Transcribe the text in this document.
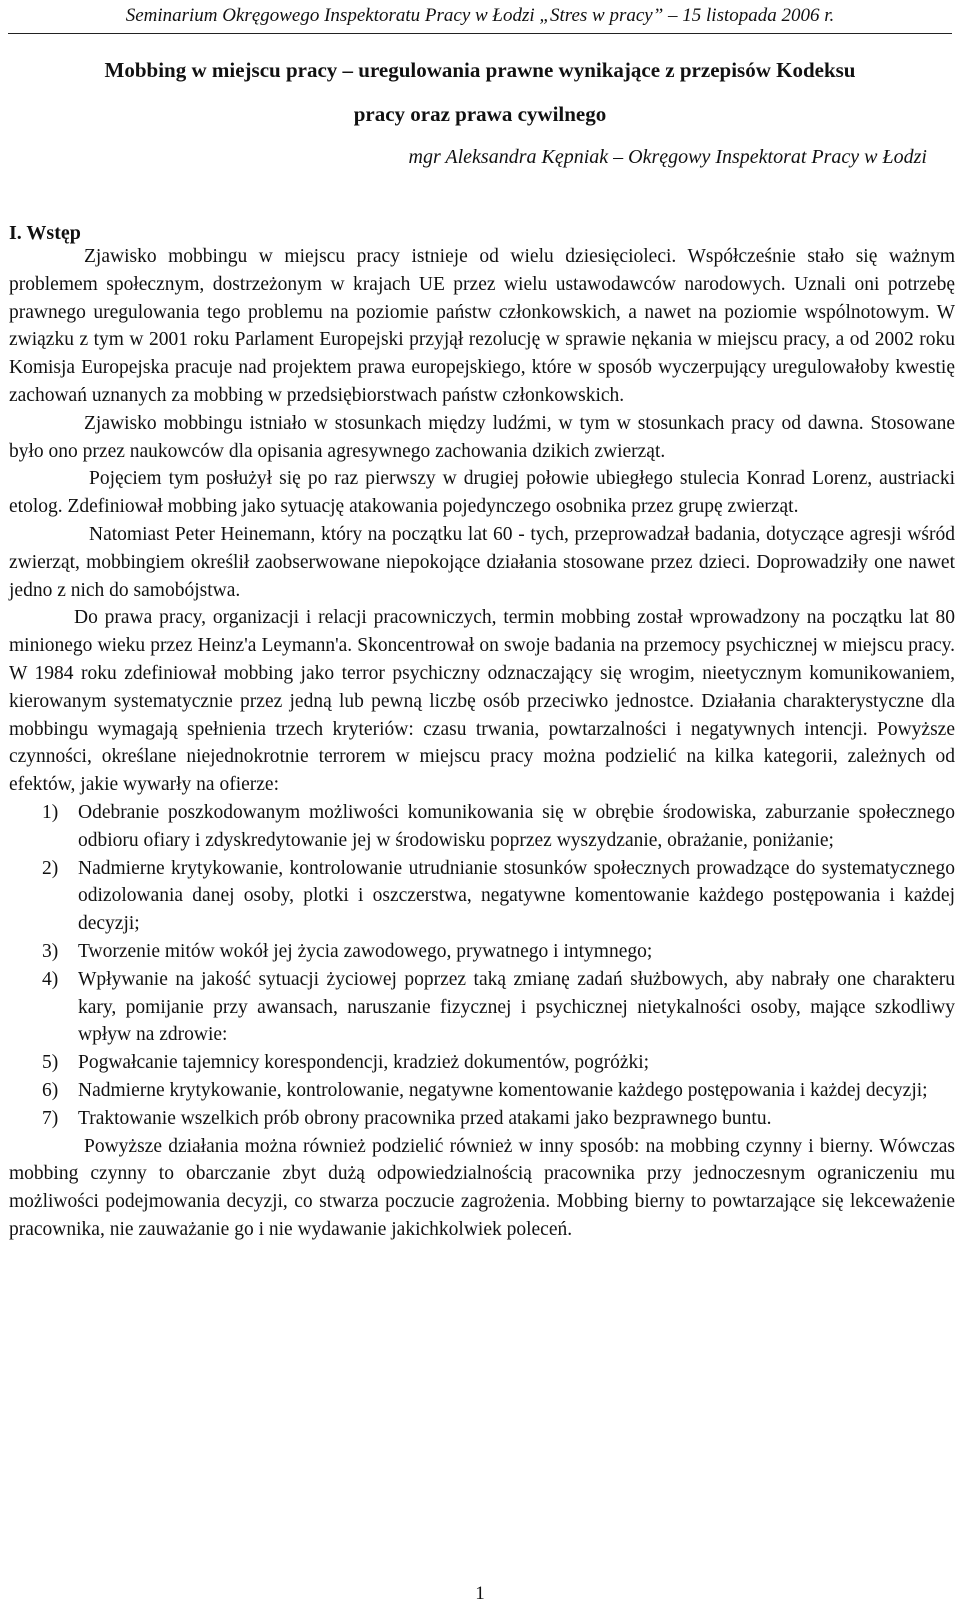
Seminarium Okręgowego Inspektoratu Pracy w Łodzi „Stres w pracy” – 15 listopada 2006 r.
Mobbing w miejscu pracy – uregulowania prawne wynikające z przepisów Kodeksu
pracy oraz prawa cywilnego
mgr Aleksandra Kępniak – Okręgowy Inspektorat Pracy w Łodzi
I. Wstęp

Zjawisko mobbingu w miejscu pracy istnieje od wielu dziesięcioleci. Współcześnie stało się ważnym problemem społecznym, dostrzeżonym w krajach UE przez wielu ustawodawców narodowych. Uznali oni potrzebę prawnego uregulowania tego problemu na poziomie państw członkowskich, a nawet na poziomie wspólnotowym. W związku z tym w 2001 roku Parlament Europejski przyjął rezolucję w sprawie nękania w miejscu pracy, a od 2002 roku Komisja Europejska pracuje nad projektem prawa europejskiego, które w sposób wyczerpujący uregulowałoby kwestię zachowań uznanych za mobbing w przedsiębiorstwach państw członkowskich.

Zjawisko mobbingu istniało w stosunkach między ludźmi, w tym w stosunkach pracy od dawna. Stosowane było ono przez naukowców dla opisania agresywnego zachowania dzikich zwierząt.

Pojęciem tym posłużył się po raz pierwszy w drugiej połowie ubiegłego stulecia Konrad Lorenz, austriacki etolog. Zdefiniował mobbing jako sytuację atakowania pojedynczego osobnika przez grupę zwierząt.

Natomiast Peter Heinemann, który na początku lat 60 - tych, przeprowadzał badania, dotyczące agresji wśród zwierząt, mobbingiem określił zaobserwowane niepokojące działania stosowane przez dzieci. Doprowadziły one nawet jedno z nich do samobójstwa.

Do prawa pracy, organizacji i relacji pracowniczych, termin mobbing został wprowadzony na początku lat 80 minionego wieku przez Heinz'a Leymann'a. Skoncentrował on swoje badania na przemocy psychicznej w miejscu pracy. W 1984 roku zdefiniował mobbing jako terror psychiczny odznaczający się wrogim, nieetycznym komunikowaniem, kierowanym systematycznie przez jedną lub pewną liczbę osób przeciwko jednostce. Działania charakterystyczne dla mobbingu wymagają spełnienia trzech kryteriów: czasu trwania, powtarzalności i negatywnych intencji. Powyższe czynności, określane niejednokrotnie terrorem w miejscu pracy można podzielić na kilka kategorii, zależnych od efektów, jakie wywarły na ofierze:

1) Odebranie poszkodowanym możliwości komunikowania się w obrębie środowiska, zaburzanie społecznego odbioru ofiary i zdyskredytowanie jej w środowisku poprzez wyszydzanie, obrażanie, poniżanie;
2) Nadmierne krytykowanie, kontrolowanie utrudnianie stosunków społecznych prowadzące do systematycznego odizolowania danej osoby, plotki i oszczerstwa, negatywne komentowanie każdego postępowania i każdej decyzji;
3) Tworzenie mitów wokół jej życia zawodowego, prywatnego i intymnego;
4) Wpływanie na jakość sytuacji życiowej poprzez taką zmianę zadań służbowych, aby nabrały one charakteru kary, pomijanie przy awansach, naruszanie fizycznej i psychicznej nietykalności osoby, mające szkodliwy wpływ na zdrowie:
5) Pogwałcanie tajemnicy korespondencji, kradzież dokumentów, pogróżki;
6) Nadmierne krytykowanie, kontrolowanie, negatywne komentowanie każdego postępowania i każdej decyzji;
7) Traktowanie wszelkich prób obrony pracownika przed atakami jako bezprawnego buntu.

Powyższe działania można również podzielić również w inny sposób: na mobbing czynny i bierny. Wówczas mobbing czynny to obarczanie zbyt dużą odpowiedzialnością pracownika przy jednoczesnym ograniczeniu mu możliwości podejmowania decyzji, co stwarza poczucie zagrożenia. Mobbing bierny to powtarzające się lekceważenie pracownika, nie zauważanie go i nie wydawanie jakichkolwiek poleceń.

1
